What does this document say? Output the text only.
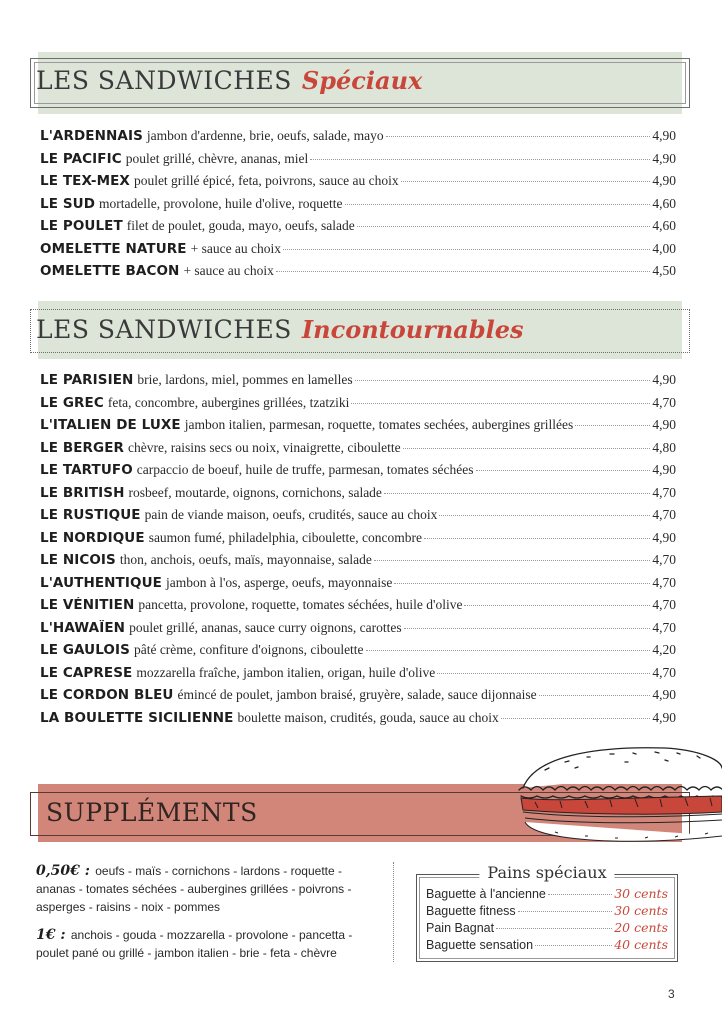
LES SANDWICHES Spéciaux
L'ARDENNAIS jambon d'ardenne, brie, oeufs, salade, mayo	4,90
LE PACIFIC poulet grillé, chèvre, ananas, miel	4,90
LE TEX-MEX poulet grillé épicé, feta, poivrons, sauce au choix	4,90
LE SUD mortadelle, provolone, huile d'olive, roquette	4,60
LE POULET filet de poulet, gouda, mayo, oeufs, salade	4,60
OMELETTE NATURE + sauce au choix	4,00
OMELETTE BACON + sauce au choix	4,50
LES SANDWICHES Incontournables
LE PARISIEN brie, lardons, miel, pommes en lamelles	4,90
LE GREC feta, concombre, aubergines grillées, tzatziki	4,70
L'ITALIEN DE LUXE jambon italien, parmesan, roquette, tomates sechées, aubergines grillées	4,90
LE BERGER chèvre, raisins secs ou noix, vinaigrette, ciboulette	4,80
LE TARTUFO carpaccio de boeuf, huile de truffe, parmesan, tomates séchées	4,90
LE BRITISH rosbeef, moutarde, oignons, cornichons, salade	4,70
LE RUSTIQUE pain de viande maison, oeufs, crudités, sauce au choix	4,70
LE NORDIQUE saumon fumé, philadelphia, ciboulette, concombre	4,90
LE NICOIS thon, anchois, oeufs, maïs, mayonnaise, salade	4,70
L'AUTHENTIQUE jambon à l'os, asperge, oeufs, mayonnaise	4,70
LE VÉNITIEN pancetta, provolone, roquette, tomates séchées, huile d'olive	4,70
L'HAWAÏEN poulet grillé, ananas, sauce curry oignons, carottes	4,70
LE GAULOIS pâté crème, confiture d'oignons, ciboulette	4,20
LE CAPRESE mozzarella fraîche, jambon italien, origan, huile d'olive	4,70
LE CORDON BLEU émincé de poulet, jambon braisé, gruyère, salade, sauce dijonnaise	4,90
LA BOULETTE SICILIENNE boulette maison, crudités, gouda, sauce au choix	4,90
SUPPLÉMENTS

0,50€ : oeufs - maïs - cornichons - lardons - roquette - ananas - tomates séchées - aubergines grillées - poivrons - asperges - raisins - noix - pommes

1€ : anchois - gouda - mozzarella - provolone - pancetta - poulet pané ou grillé - jambon italien - brie - feta - chèvre

Pains spéciaux
Baguette à l'ancienne	30 cents
Baguette fitness	30 cents
Pain Bagnat	20 cents
Baguette sensation	40 cents
3
